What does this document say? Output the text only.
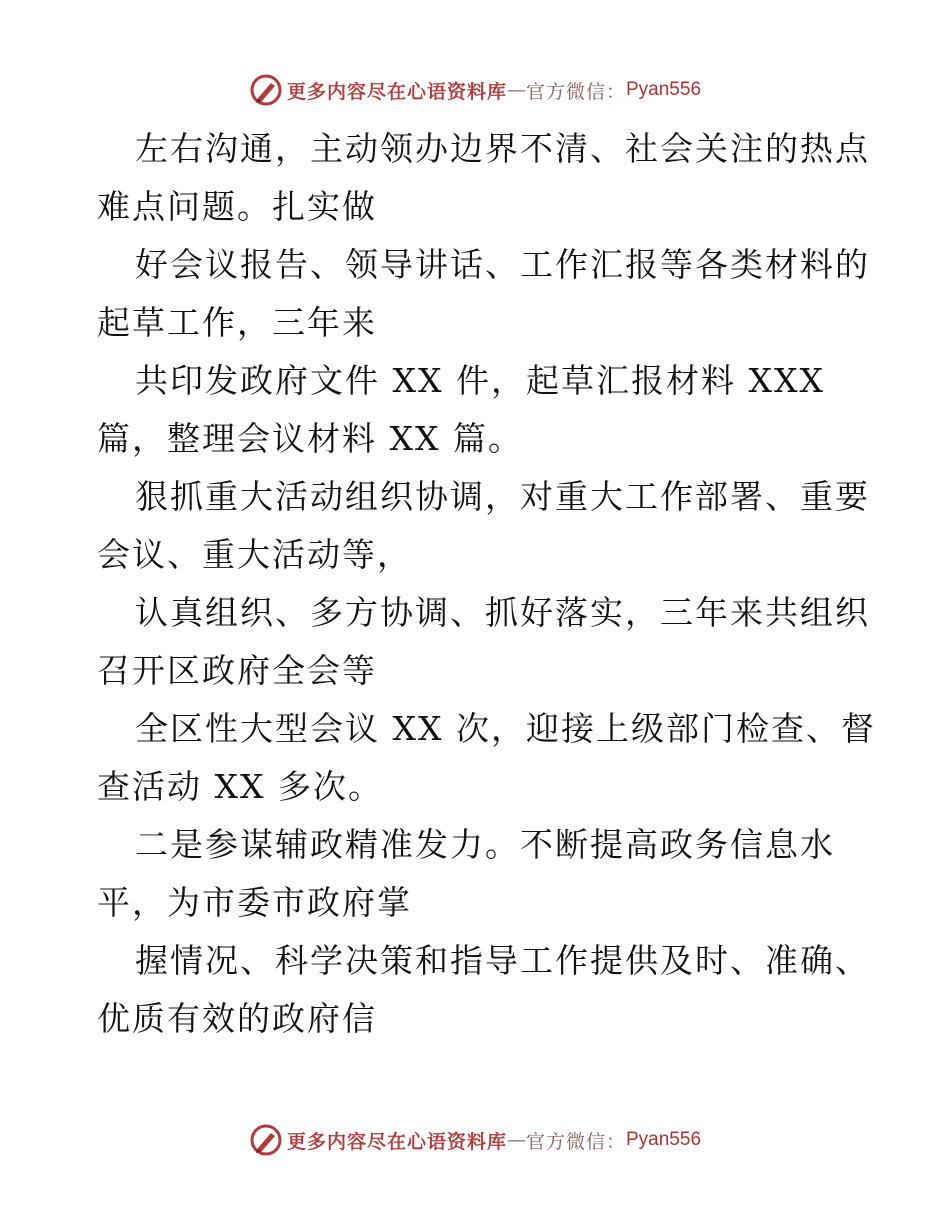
更多内容尽在心语资料库 — 官方微信： Pyan556
左右沟通，主动领办边界不清、社会关注的热点
难点问题。扎实做
好会议报告、领导讲话、工作汇报等各类材料的
起草工作，三年来
共印发政府文件 XX 件，起草汇报材料 XXX
篇，整理会议材料 XX 篇。
狠抓重大活动组织协调，对重大工作部署、重要
会议、重大活动等，
认真组织、多方协调、抓好落实，三年来共组织
召开区政府全会等
全区性大型会议 XX 次，迎接上级部门检查、督
查活动 XX 多次。
二是参谋辅政精准发力。不断提高政务信息水
平，为市委市政府掌
握情况、科学决策和指导工作提供及时、准确、
优质有效的政府信
更多内容尽在心语资料库 — 官方微信： Pyan556
